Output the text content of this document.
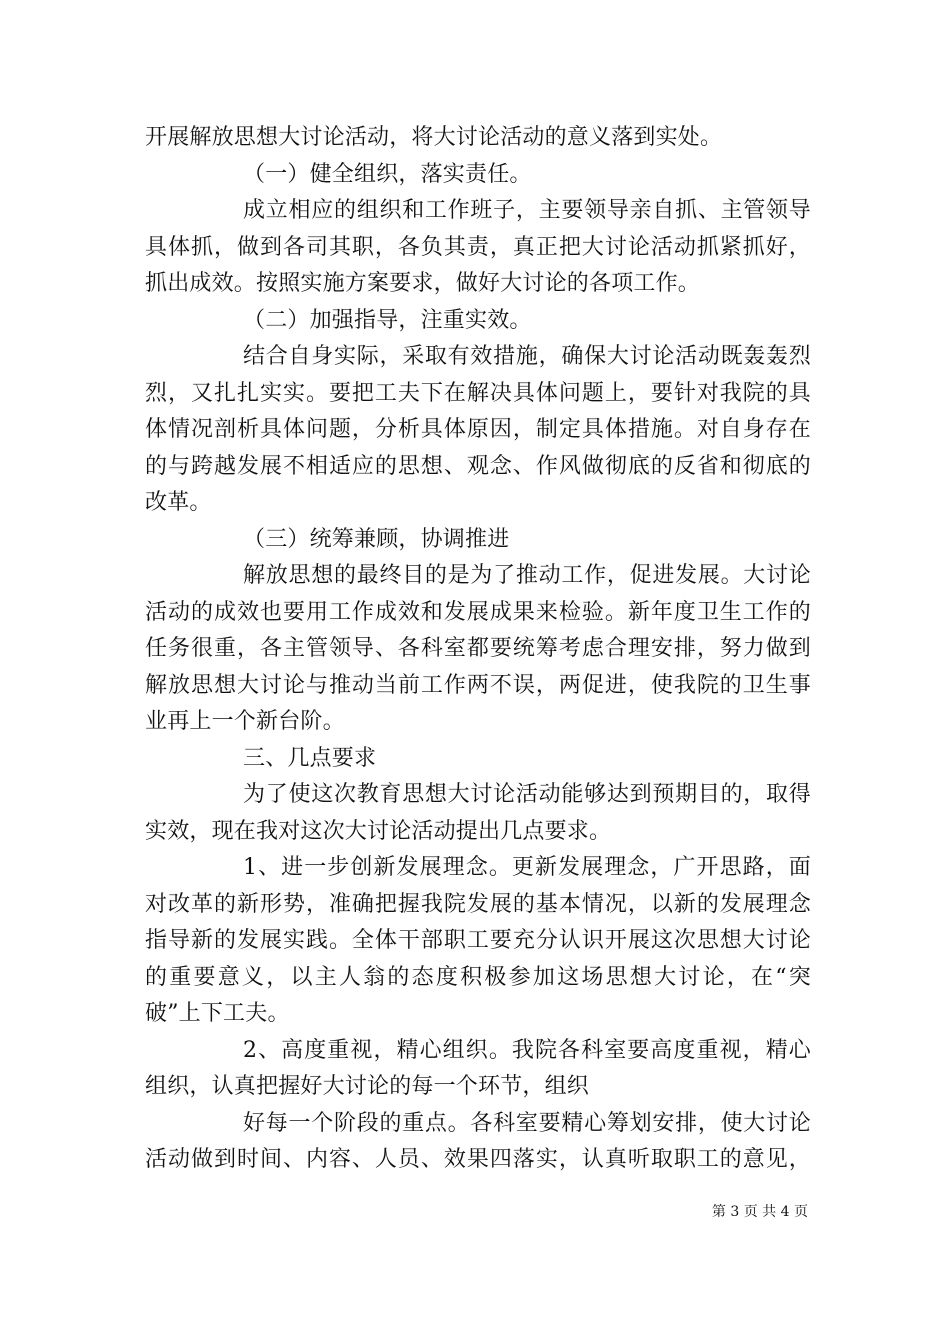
开展解放思想大讨论活动，将大讨论活动的意义落到实处。
（一）健全组织，落实责任。
成立相应的组织和工作班子，主要领导亲自抓、主管领导
具体抓，做到各司其职，各负其责，真正把大讨论活动抓紧抓好，
抓出成效。按照实施方案要求，做好大讨论的各项工作。
（二）加强指导，注重实效。
结合自身实际，采取有效措施，确保大讨论活动既轰轰烈
烈，又扎扎实实。要把工夫下在解决具体问题上，要针对我院的具
体情况剖析具体问题，分析具体原因，制定具体措施。对自身存在
的与跨越发展不相适应的思想、观念、作风做彻底的反省和彻底的
改革。
（三）统筹兼顾，协调推进
解放思想的最终目的是为了推动工作，促进发展。大讨论
活动的成效也要用工作成效和发展成果来检验。新年度卫生工作的
任务很重，各主管领导、各科室都要统筹考虑合理安排，努力做到
解放思想大讨论与推动当前工作两不误，两促进，使我院的卫生事
业再上一个新台阶。
三、几点要求
为了使这次教育思想大讨论活动能够达到预期目的，取得
实效，现在我对这次大讨论活动提出几点要求。
1、进一步创新发展理念。更新发展理念，广开思路，面
对改革的新形势，准确把握我院发展的基本情况，以新的发展理念
指导新的发展实践。全体干部职工要充分认识开展这次思想大讨论
的重要意义，以主人翁的态度积极参加这场思想大讨论，在“突
破”上下工夫。
2、高度重视，精心组织。我院各科室要高度重视，精心
组织，认真把握好大讨论的每一个环节，组织
好每一个阶段的重点。各科室要精心筹划安排，使大讨论
活动做到时间、内容、人员、效果四落实，认真听取职工的意见，
第 3 页 共 4 页
